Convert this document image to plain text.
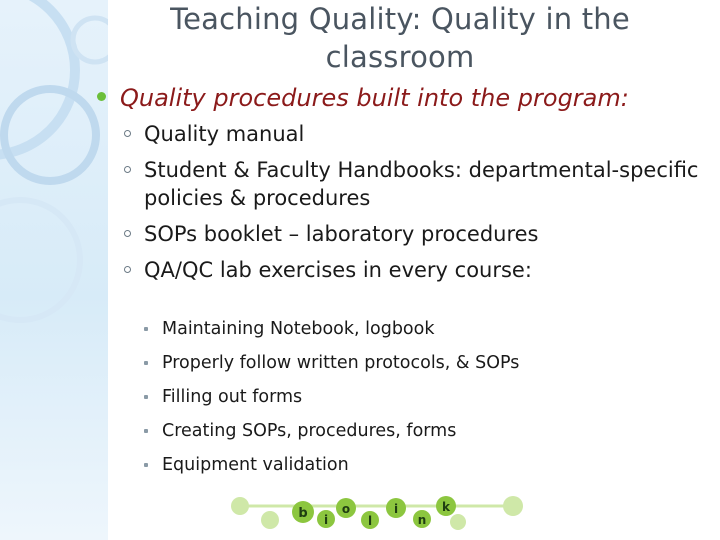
Teaching Quality: Quality in the
classroom
Quality procedures built into the program:
Quality manual
Student & Faculty Handbooks: departmental-specific policies & procedures
SOPs booklet – laboratory procedures
QA/QC lab exercises in every course:
Maintaining Notebook, logbook
Properly follow written protocols, & SOPs
Filling out forms
Creating SOPs, procedures, forms
Equipment validation
b i
o
l
i
n
k
